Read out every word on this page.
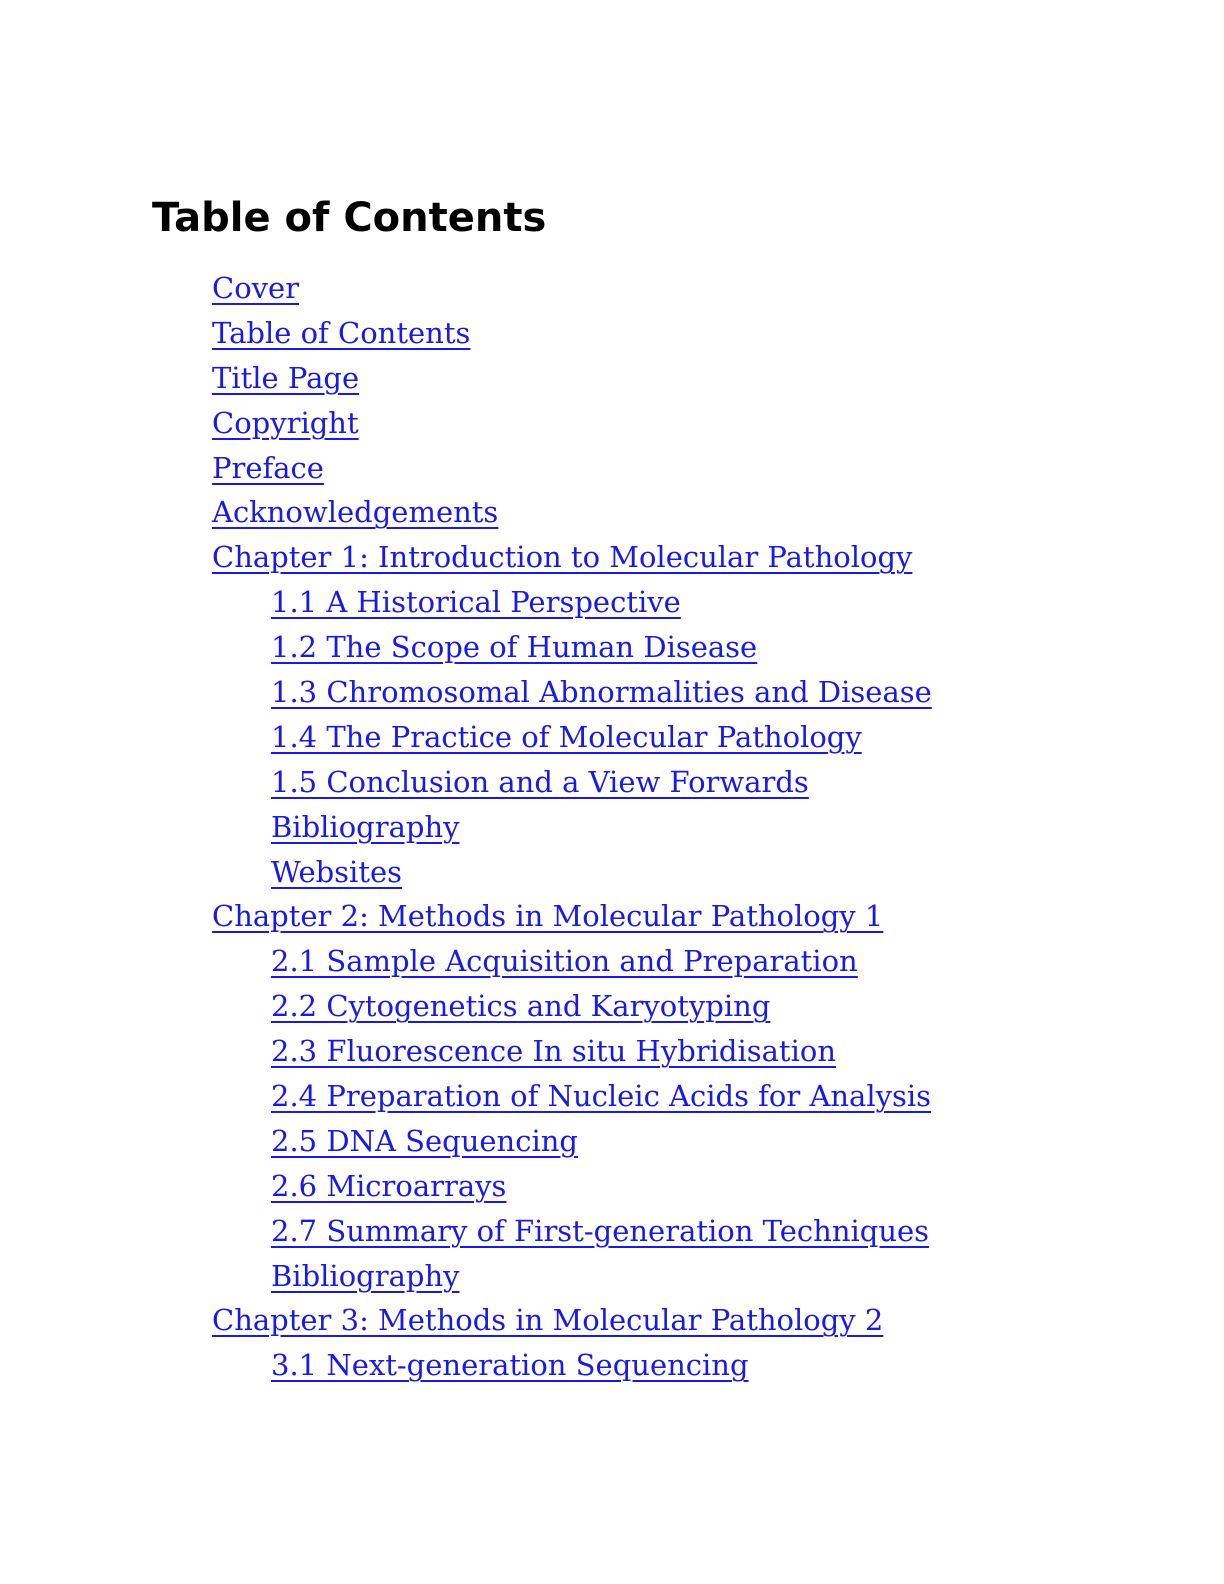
Table of Contents
Cover
Table of Contents
Title Page
Copyright
Preface
Acknowledgements
Chapter 1: Introduction to Molecular Pathology
1.1 A Historical Perspective
1.2 The Scope of Human Disease
1.3 Chromosomal Abnormalities and Disease
1.4 The Practice of Molecular Pathology
1.5 Conclusion and a View Forwards
Bibliography
Websites
Chapter 2: Methods in Molecular Pathology 1
2.1 Sample Acquisition and Preparation
2.2 Cytogenetics and Karyotyping
2.3 Fluorescence In situ Hybridisation
2.4 Preparation of Nucleic Acids for Analysis
2.5 DNA Sequencing
2.6 Microarrays
2.7 Summary of First-generation Techniques
Bibliography
Chapter 3: Methods in Molecular Pathology 2
3.1 Next-generation Sequencing
